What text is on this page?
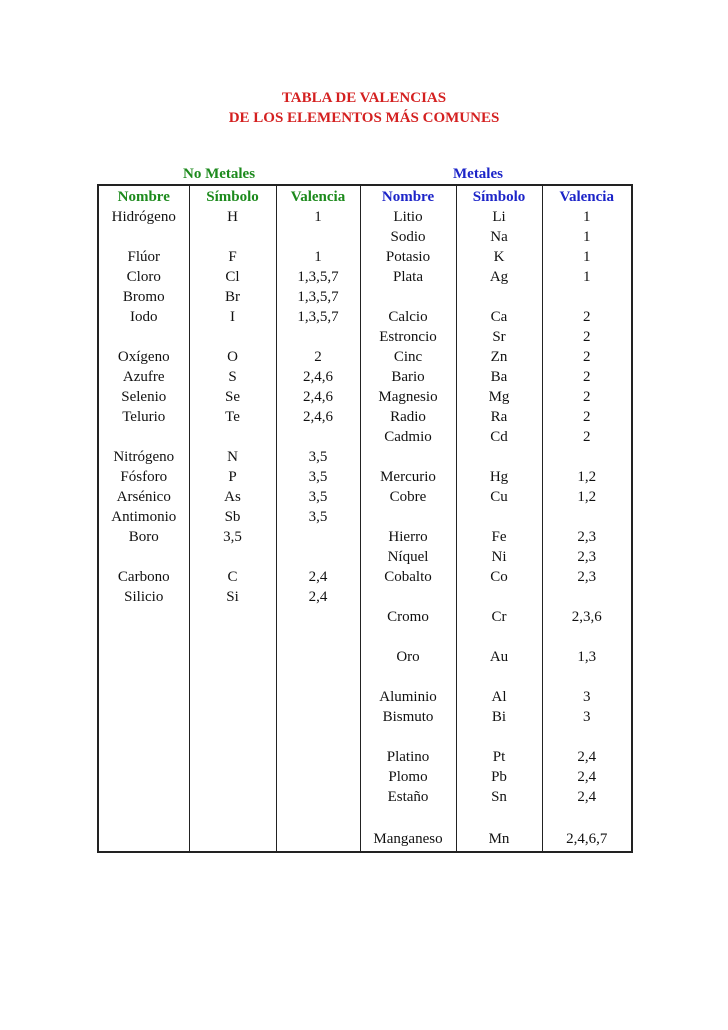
TABLA DE VALENCIAS
DE LOS ELEMENTOS MÁS COMUNES
No Metales	Metales
Nombre	Símbolo	Valencia	Nombre	Símbolo	Valencia
Hidrógeno	H	1	Litio	Li	1
			Sodio	Na	1
Flúor	F	1	Potasio	K	1
Cloro	Cl	1,3,5,7	Plata	Ag	1
Bromo	Br	1,3,5,7			
Iodo	I	1,3,5,7	Calcio	Ca	2
			Estroncio	Sr	2
Oxígeno	O	2	Cinc	Zn	2
Azufre	S	2,4,6	Bario	Ba	2
Selenio	Se	2,4,6	Magnesio	Mg	2
Telurio	Te	2,4,6	Radio	Ra	2
			Cadmio	Cd	2
Nitrógeno	N	3,5			
Fósforo	P	3,5	Mercurio	Hg	1,2
Arsénico	As	3,5	Cobre	Cu	1,2
Antimonio	Sb	3,5			
Boro	3,5		Hierro	Fe	2,3
			Níquel	Ni	2,3
Carbono	C	2,4	Cobalto	Co	2,3
Silicio	Si	2,4			
			Cromo	Cr	2,3,6

			Oro	Au	1,3

			Aluminio	Al	3
			Bismuto	Bi	3

			Platino	Pt	2,4
			Plomo	Pb	2,4
			Estaño	Sn	2,4

			Manganeso	Mn	2,4,6,7
